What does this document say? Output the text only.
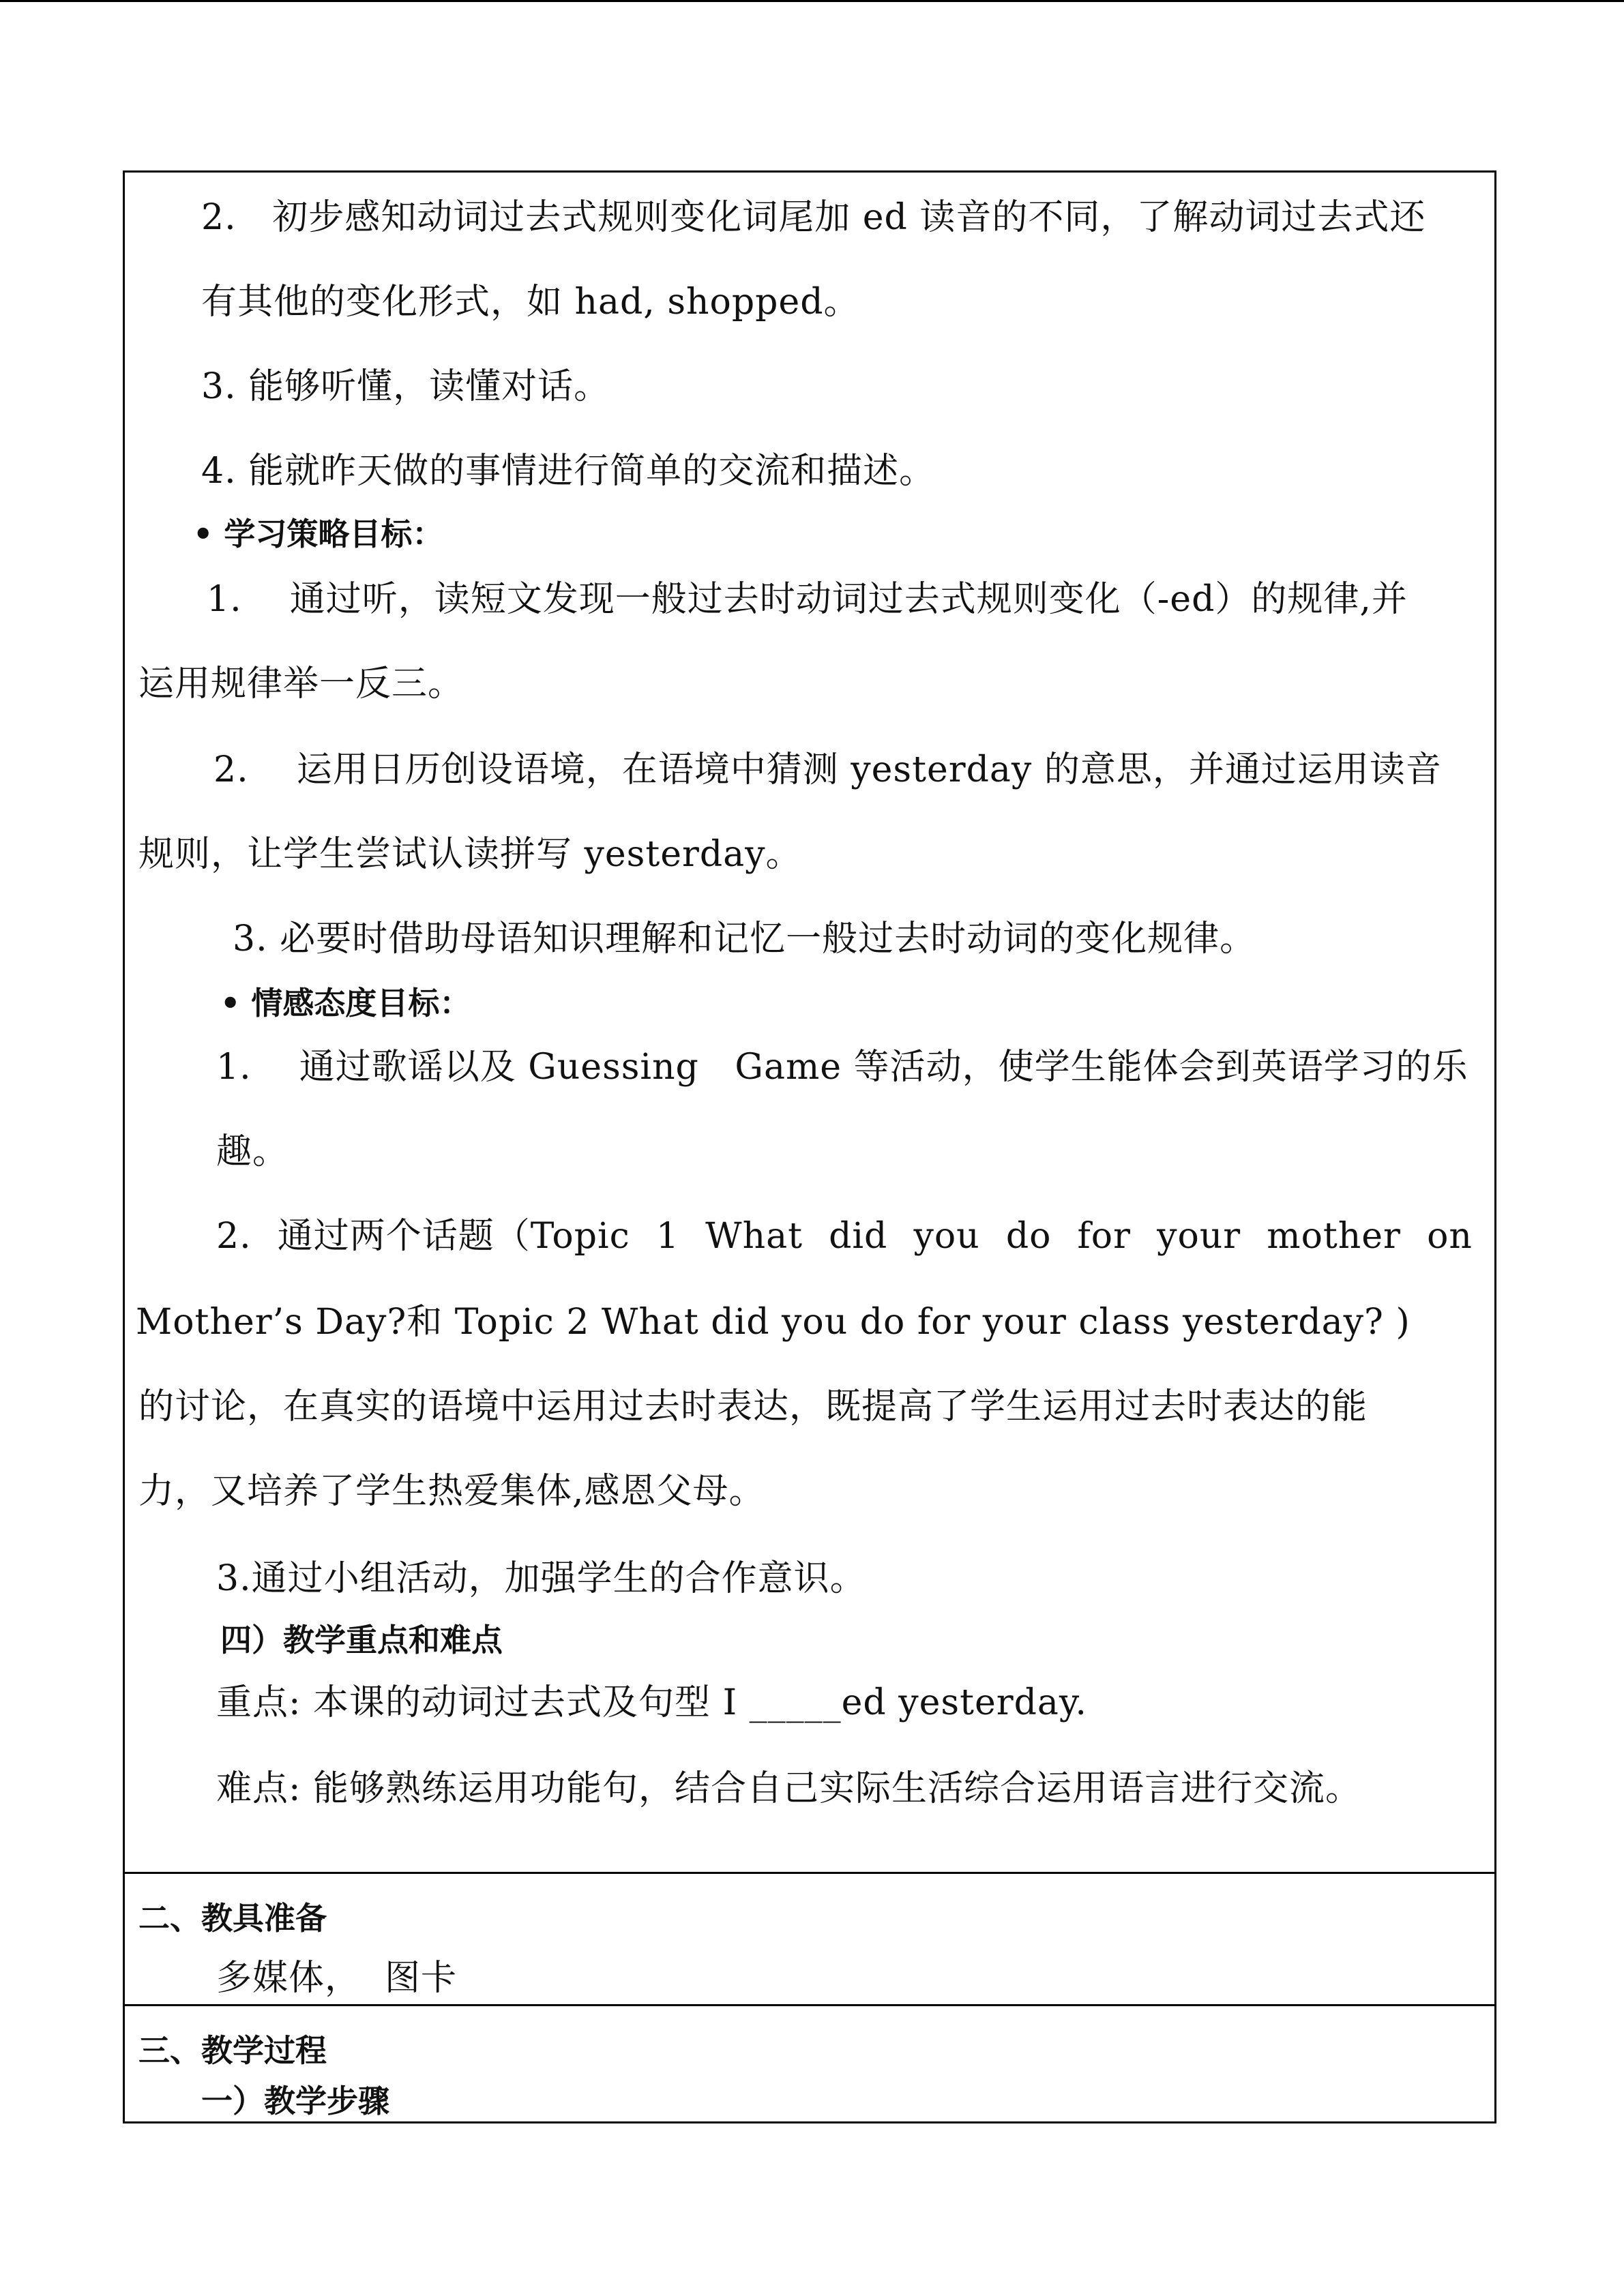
2.   初步感知动词过去式规则变化词尾加 ed 读音的不同，了解动词过去式还
有其他的变化形式，如 had, shopped。
3. 能够听懂，读懂对话。
4. 能就昨天做的事情进行简单的交流和描述。
• 学习策略目标：
1.    通过听，读短文发现一般过去时动词过去式规则变化（-ed）的规律,并
运用规律举一反三。
2.    运用日历创设语境，在语境中猜测 yesterday 的意思，并通过运用读音
规则，让学生尝试认读拼写 yesterday。
3. 必要时借助母语知识理解和记忆一般过去时动词的变化规律。
• 情感态度目标：
1.    通过歌谣以及 Guessing   Game 等活动，使学生能体会到英语学习的乐
趣。
2. 通过两个话题（Topic 1 What did you do for your mother on
Mother’s Day?和 Topic 2 What did you do for your class yesterday? )
的讨论，在真实的语境中运用过去时表达，既提高了学生运用过去时表达的能
力，又培养了学生热爱集体,感恩父母。
3.通过小组活动，加强学生的合作意识。
四）教学重点和难点
重点: 本课的动词过去式及句型 I _____ed yesterday.
难点: 能够熟练运用功能句，结合自己实际生活综合运用语言进行交流。
二、教具准备
多媒体，  图卡
三、教学过程
一）教学步骤
